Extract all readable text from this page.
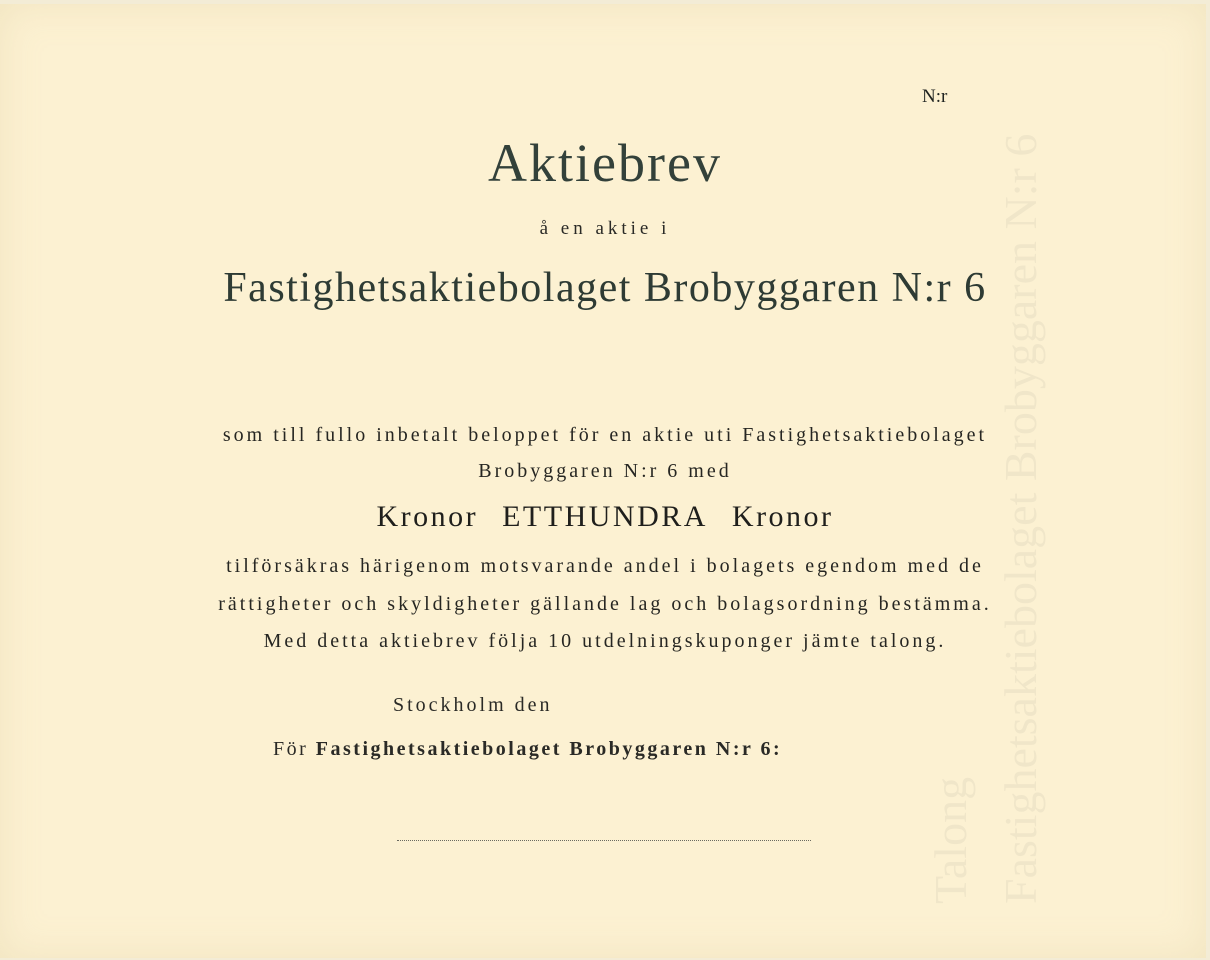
Talong Fastighetsaktiebolaget Brobyggaren N:r 6
N:r
Aktiebrev
å en aktie i
Fastighetsaktiebolaget Brobyggaren N:r 6
som till fullo inbetalt beloppet för en aktie uti Fastighetsaktiebolaget
Brobyggaren N:r 6 med
Kronor ETTHUNDRA Kronor
tilförsäkras härigenom motsvarande andel i bolagets egendom med de
rättigheter och skyldigheter gällande lag och bolagsordning bestämma.
Med detta aktiebrev följa 10 utdelningskuponger jämte talong.
Stockholm den
För Fastighetsaktiebolaget Brobyggaren N:r 6:
